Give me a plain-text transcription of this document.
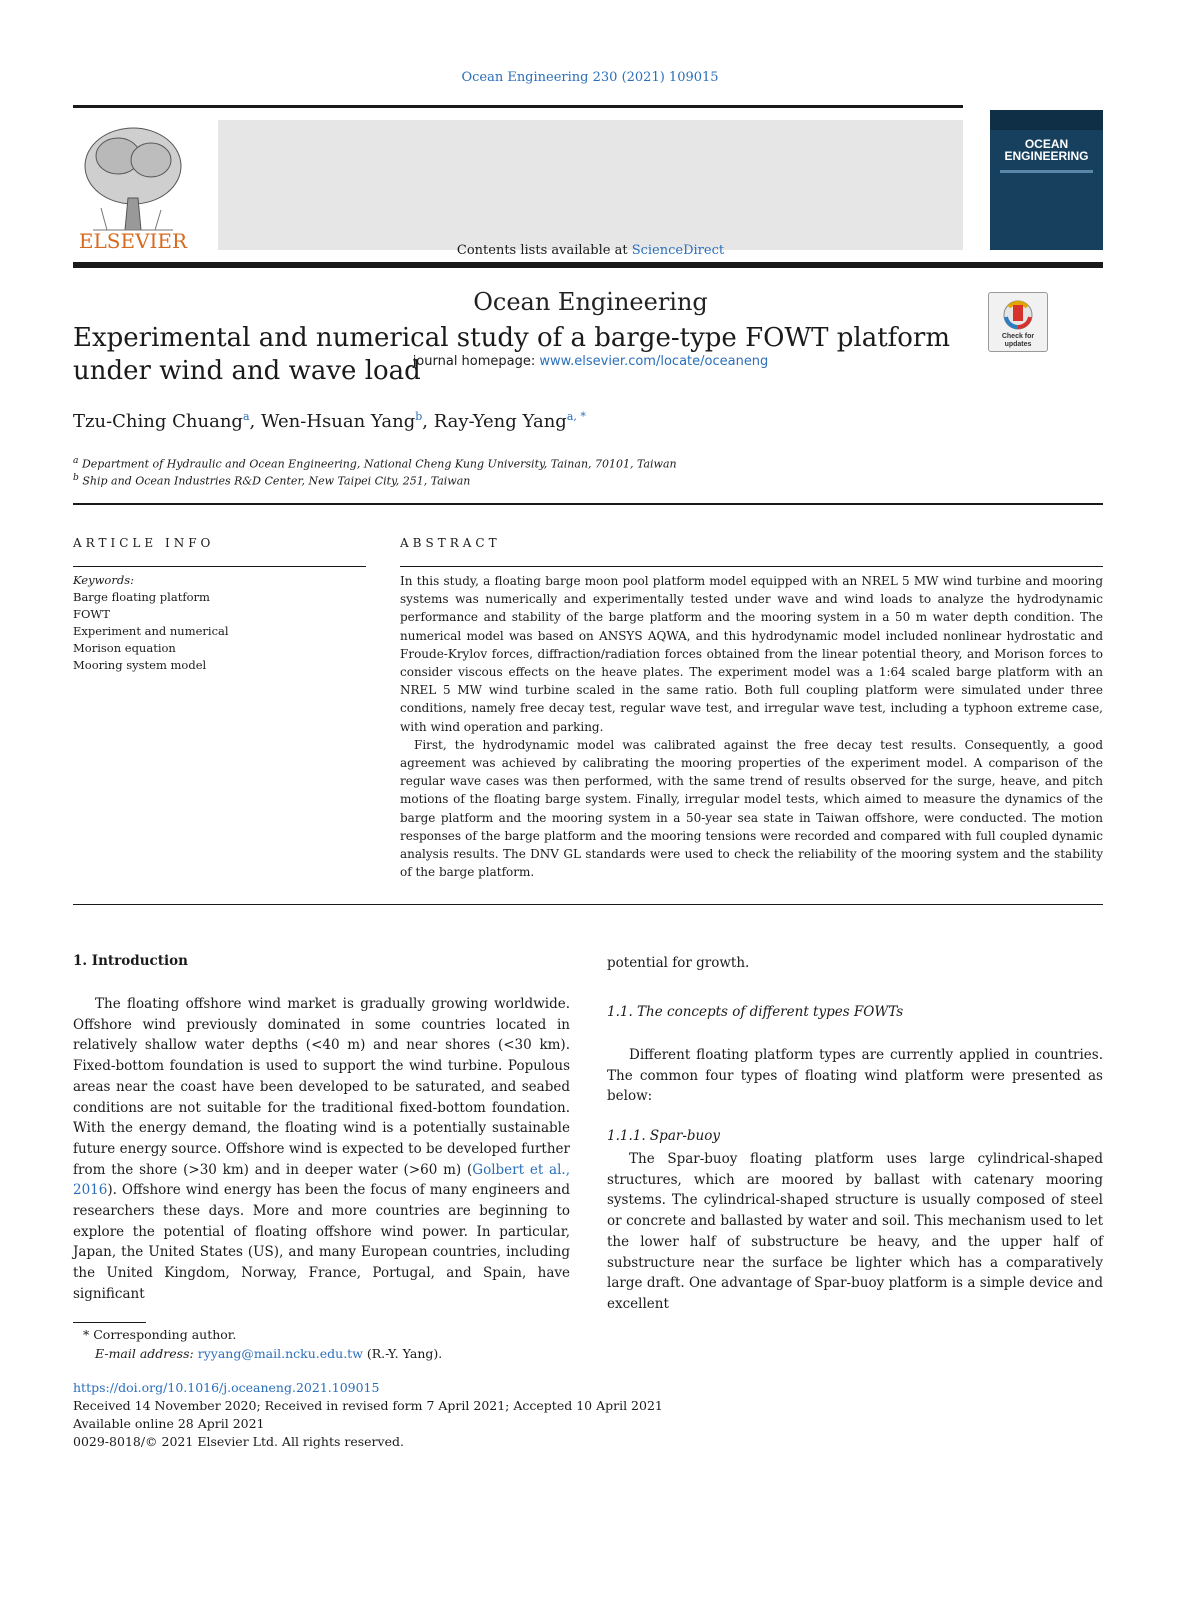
Ocean Engineering 230 (2021) 109015
ELSEVIER	Contents lists available at ScienceDirect
Ocean Engineering
journal homepage: www.elsevier.com/locate/oceaneng
OCEAN ENGINEERING
Experimental and numerical study of a barge-type FOWT platform under wind and wave load
Check for
updates
Tzu-Ching Chuang$^a$, Wen-Hsuan Yang$^b$, Ray-Yeng Yang$^{a, *}$
$^a$ Department of Hydraulic and Ocean Engineering, National Cheng Kung University, Tainan, 70101, Taiwan
$^b$ Ship and Ocean Industries R&D Center, New Taipei City, 251, Taiwan
ARTICLE INFO
Keywords:
Barge floating platform
FOWT
Experiment and numerical
Morison equation
Mooring system model
ABSTRACT

In this study, a floating barge moon pool platform model equipped with an NREL 5 MW wind turbine and mooring systems was numerically and experimentally tested under wave and wind loads to analyze the hydrodynamic performance and stability of the barge platform and the mooring system in a 50 m water depth condition. The numerical model was based on ANSYS AQWA, and this hydrodynamic model included nonlinear hydrostatic and Froude-Krylov forces, diffraction/radiation forces obtained from the linear potential theory, and Morison forces to consider viscous effects on the heave plates. The experiment model was a 1:64 scaled barge platform with an NREL 5 MW wind turbine scaled in the same ratio. Both full coupling platform were simulated under three conditions, namely free decay test, regular wave test, and irregular wave test, including a typhoon extreme case, with wind operation and parking.

First, the hydrodynamic model was calibrated against the free decay test results. Consequently, a good agreement was achieved by calibrating the mooring properties of the experiment model. A comparison of the regular wave cases was then performed, with the same trend of results observed for the surge, heave, and pitch motions of the floating barge system. Finally, irregular model tests, which aimed to measure the dynamics of the barge platform and the mooring system in a 50-year sea state in Taiwan offshore, were conducted. The motion responses of the barge platform and the mooring tensions were recorded and compared with full coupled dynamic analysis results. The DNV GL standards were used to check the reliability of the mooring system and the stability of the barge platform.

1. Introduction
The floating offshore wind market is gradually growing worldwide. Offshore wind previously dominated in some countries located in relatively shallow water depths (<40 m) and near shores (<30 km). Fixed-bottom foundation is used to support the wind turbine. Populous areas near the coast have been developed to be saturated, and seabed conditions are not suitable for the traditional fixed-bottom foundation. With the energy demand, the floating wind is a potentially sustainable future energy source. Offshore wind is expected to be developed further from the shore (>30 km) and in deeper water (>60 m) (Golbert et al., 2016). Offshore wind energy has been the focus of many engineers and researchers these days. More and more countries are beginning to explore the potential of floating offshore wind power. In particular, Japan, the United States (US), and many European countries, including the United Kingdom, Norway, France, Portugal, and Spain, have significant
potential for growth.
1.1. The concepts of different types FOWTs
Different floating platform types are currently applied in countries. The common four types of floating wind platform were presented as below:
1.1.1. Spar-buoy
The Spar-buoy floating platform uses large cylindrical-shaped structures, which are moored by ballast with catenary mooring systems. The cylindrical-shaped structure is usually composed of steel or concrete and ballasted by water and soil. This mechanism used to let the lower half of substructure be heavy, and the upper half of substructure near the surface be lighter which has a comparatively large draft. One advantage of Spar-buoy platform is a simple device and excellent
* Corresponding author.
E-mail address: ryyang@mail.ncku.edu.tw (R.-Y. Yang).
https://doi.org/10.1016/j.oceaneng.2021.109015
Received 14 November 2020; Received in revised form 7 April 2021; Accepted 10 April 2021
Available online 28 April 2021
0029-8018/© 2021 Elsevier Ltd. All rights reserved.
